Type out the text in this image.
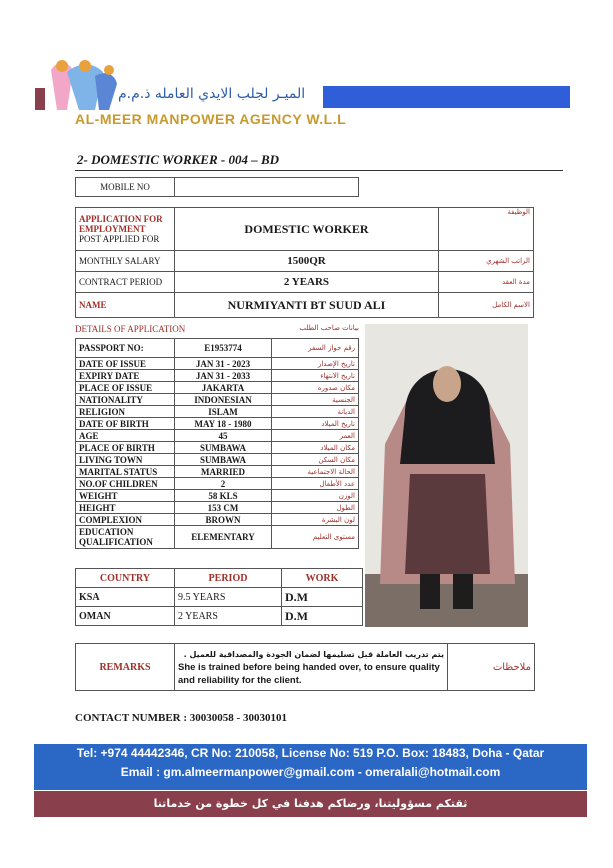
الميـر لجلب الايدي العامله ذ.م.م
AL-MEER MANPOWER AGENCY W.L.L
2- DOMESTIC WORKER - 004 – BD
MOBILE NO	
APPLICATION FOR EMPLOYMENT
POST APPLIED FOR	DOMESTIC WORKER	الوظيفة
MONTHLY SALARY	1500QR	الراتب الشهري
CONTRACT PERIOD	2 YEARS	مدة العقد
NAME	NURMIYANTI BT SUUD ALI	الاسم الكامل
DETAILS OF APPLICATION	بيانات صاحب الطلب
PASSPORT NO:	E1953774	رقم جواز السفر
DATE OF ISSUE	JAN 31 - 2023	تاريخ الإصدار
EXPIRY DATE	JAN 31 - 2033	تاريخ الانتهاء
PLACE OF ISSUE	JAKARTA	مكان صدوره
NATIONALITY	INDONESIAN	الجنسية
RELIGION	ISLAM	الديانة
DATE OF BIRTH	MAY 18 - 1980	تاريخ الميلاد
AGE	45	العمر
PLACE OF BIRTH	SUMBAWA	مكان الميلاد
LIVING TOWN	SUMBAWA	مكان السكن
MARITAL STATUS	MARRIED	الحالة الاجتماعية
NO.OF CHILDREN	2	عدد الأطفال
WEIGHT	58 KLS	الوزن
HEIGHT	153 CM	الطول
COMPLEXION	BROWN	لون البشرة
EDUCATION QUALIFICATION	ELEMENTARY	مستوى التعليم
COUNTRY	PERIOD	WORK
KSA	9.5 YEARS	D.M
OMAN	2 YEARS	D.M
REMARKS	
يتم تدريب العاملة قبل تسليمها لضمان الجودة والمصداقية للعميل .
She is trained before being handed over, to ensure quality and reliability for the client.
	ملاحظات
CONTACT NUMBER : 30030058 - 30030101
Tel: +974 44442346, CR No: 210058, License No: 519 P.O. Box: 18483, Doha - Qatar
Email : gm.almeermanpower@gmail.com - omeralali@hotmail.com
ثقتكم مسؤوليتنا، ورضاكم هدفنا في كل خطوة من خدماتنا
